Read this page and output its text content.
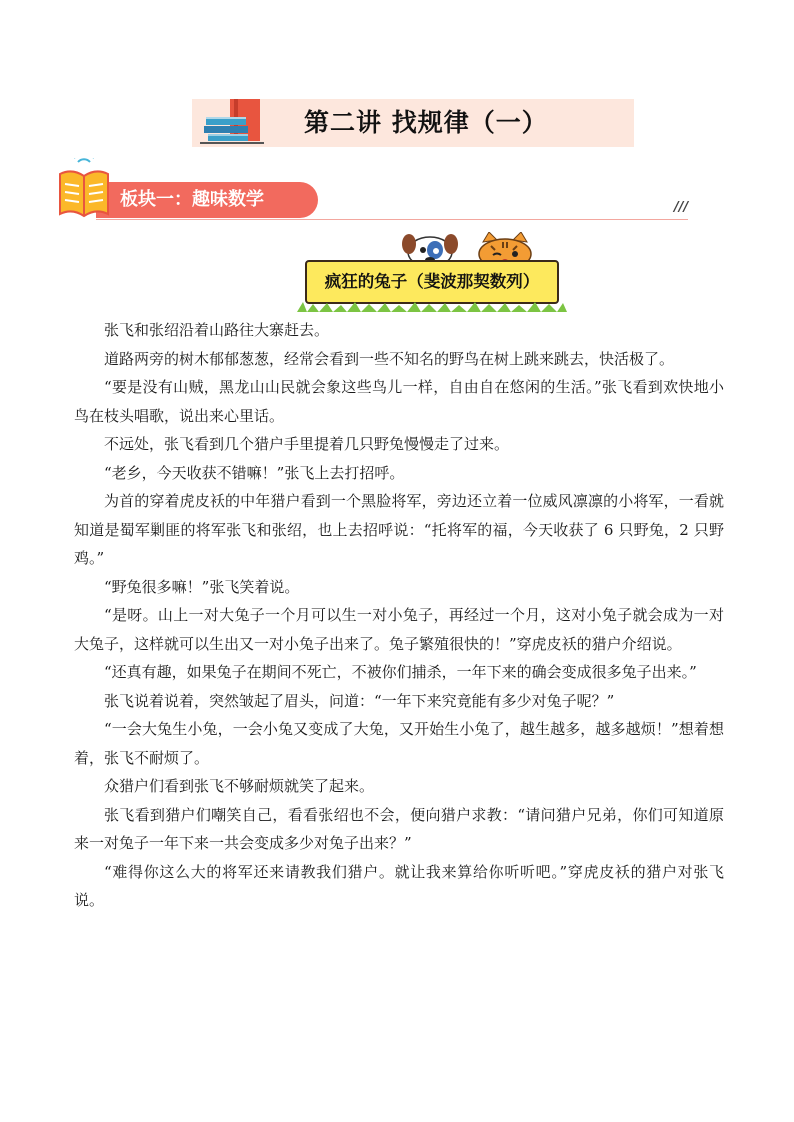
第二讲 找规律（一）
板块一：趣味数学	///
疯狂的兔子（斐波那契数列）

张飞和张绍沿着山路往大寨赶去。

道路两旁的树木郁郁葱葱，经常会看到一些不知名的野鸟在树上跳来跳去，快活极了。

“要是没有山贼，黑龙山山民就会象这些鸟儿一样，自由自在悠闲的生活。”张飞看到欢快地小鸟在枝头唱歌，说出来心里话。

不远处，张飞看到几个猎户手里提着几只野兔慢慢走了过来。

“老乡，今天收获不错嘛！”张飞上去打招呼。

为首的穿着虎皮袄的中年猎户看到一个黑脸将军，旁边还立着一位威风凛凛的小将军，一看就知道是蜀军剿匪的将军张飞和张绍，也上去招呼说：“托将军的福，今天收获了 6 只野兔，2 只野鸡。”

“野兔很多嘛！”张飞笑着说。

“是呀。山上一对大兔子一个月可以生一对小兔子，再经过一个月，这对小兔子就会成为一对大兔子，这样就可以生出又一对小兔子出来了。兔子繁殖很快的！”穿虎皮袄的猎户介绍说。

“还真有趣，如果兔子在期间不死亡，不被你们捕杀，一年下来的确会变成很多兔子出来。”

张飞说着说着，突然皱起了眉头，问道：“一年下来究竟能有多少对兔子呢？”

“一会大兔生小兔，一会小兔又变成了大兔，又开始生小兔了，越生越多，越多越烦！”想着想着，张飞不耐烦了。

众猎户们看到张飞不够耐烦就笑了起来。

张飞看到猎户们嘲笑自己，看看张绍也不会，便向猎户求教：“请问猎户兄弟，你们可知道原来一对兔子一年下来一共会变成多少对兔子出来？”

“难得你这么大的将军还来请教我们猎户。就让我来算给你听听吧。”穿虎皮袄的猎户对张飞说。
